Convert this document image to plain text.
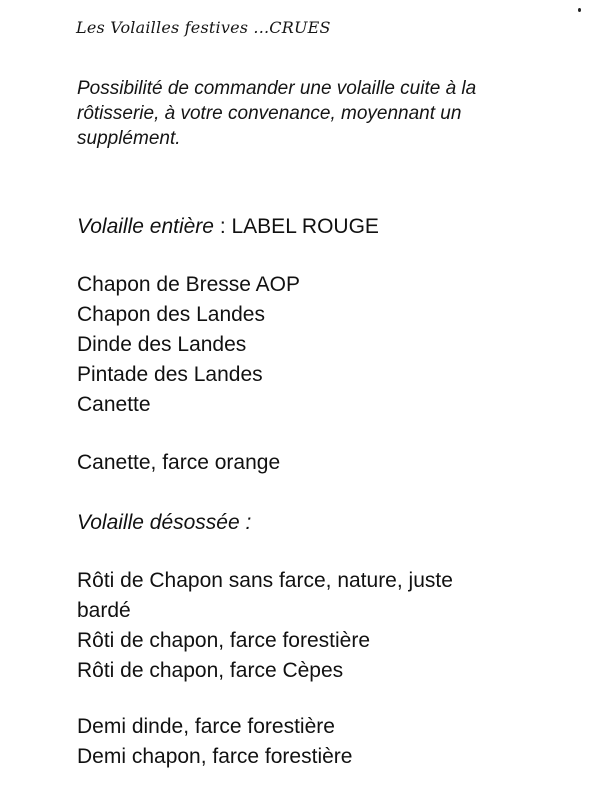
Les Volailles festives ...CRUES
Possibilité de commander une volaille cuite à la
rôtisserie, à votre convenance, moyennant un
supplément.
Volaille entière : LABEL ROUGE
Chapon de Bresse AOP
Chapon des Landes
Dinde des Landes
Pintade des Landes
Canette
Canette, farce orange
Volaille désossée :
Rôti de Chapon sans farce, nature, juste
bardé
Rôti de chapon, farce forestière
Rôti de chapon, farce Cèpes
Demi dinde, farce forestière
Demi chapon, farce forestière
